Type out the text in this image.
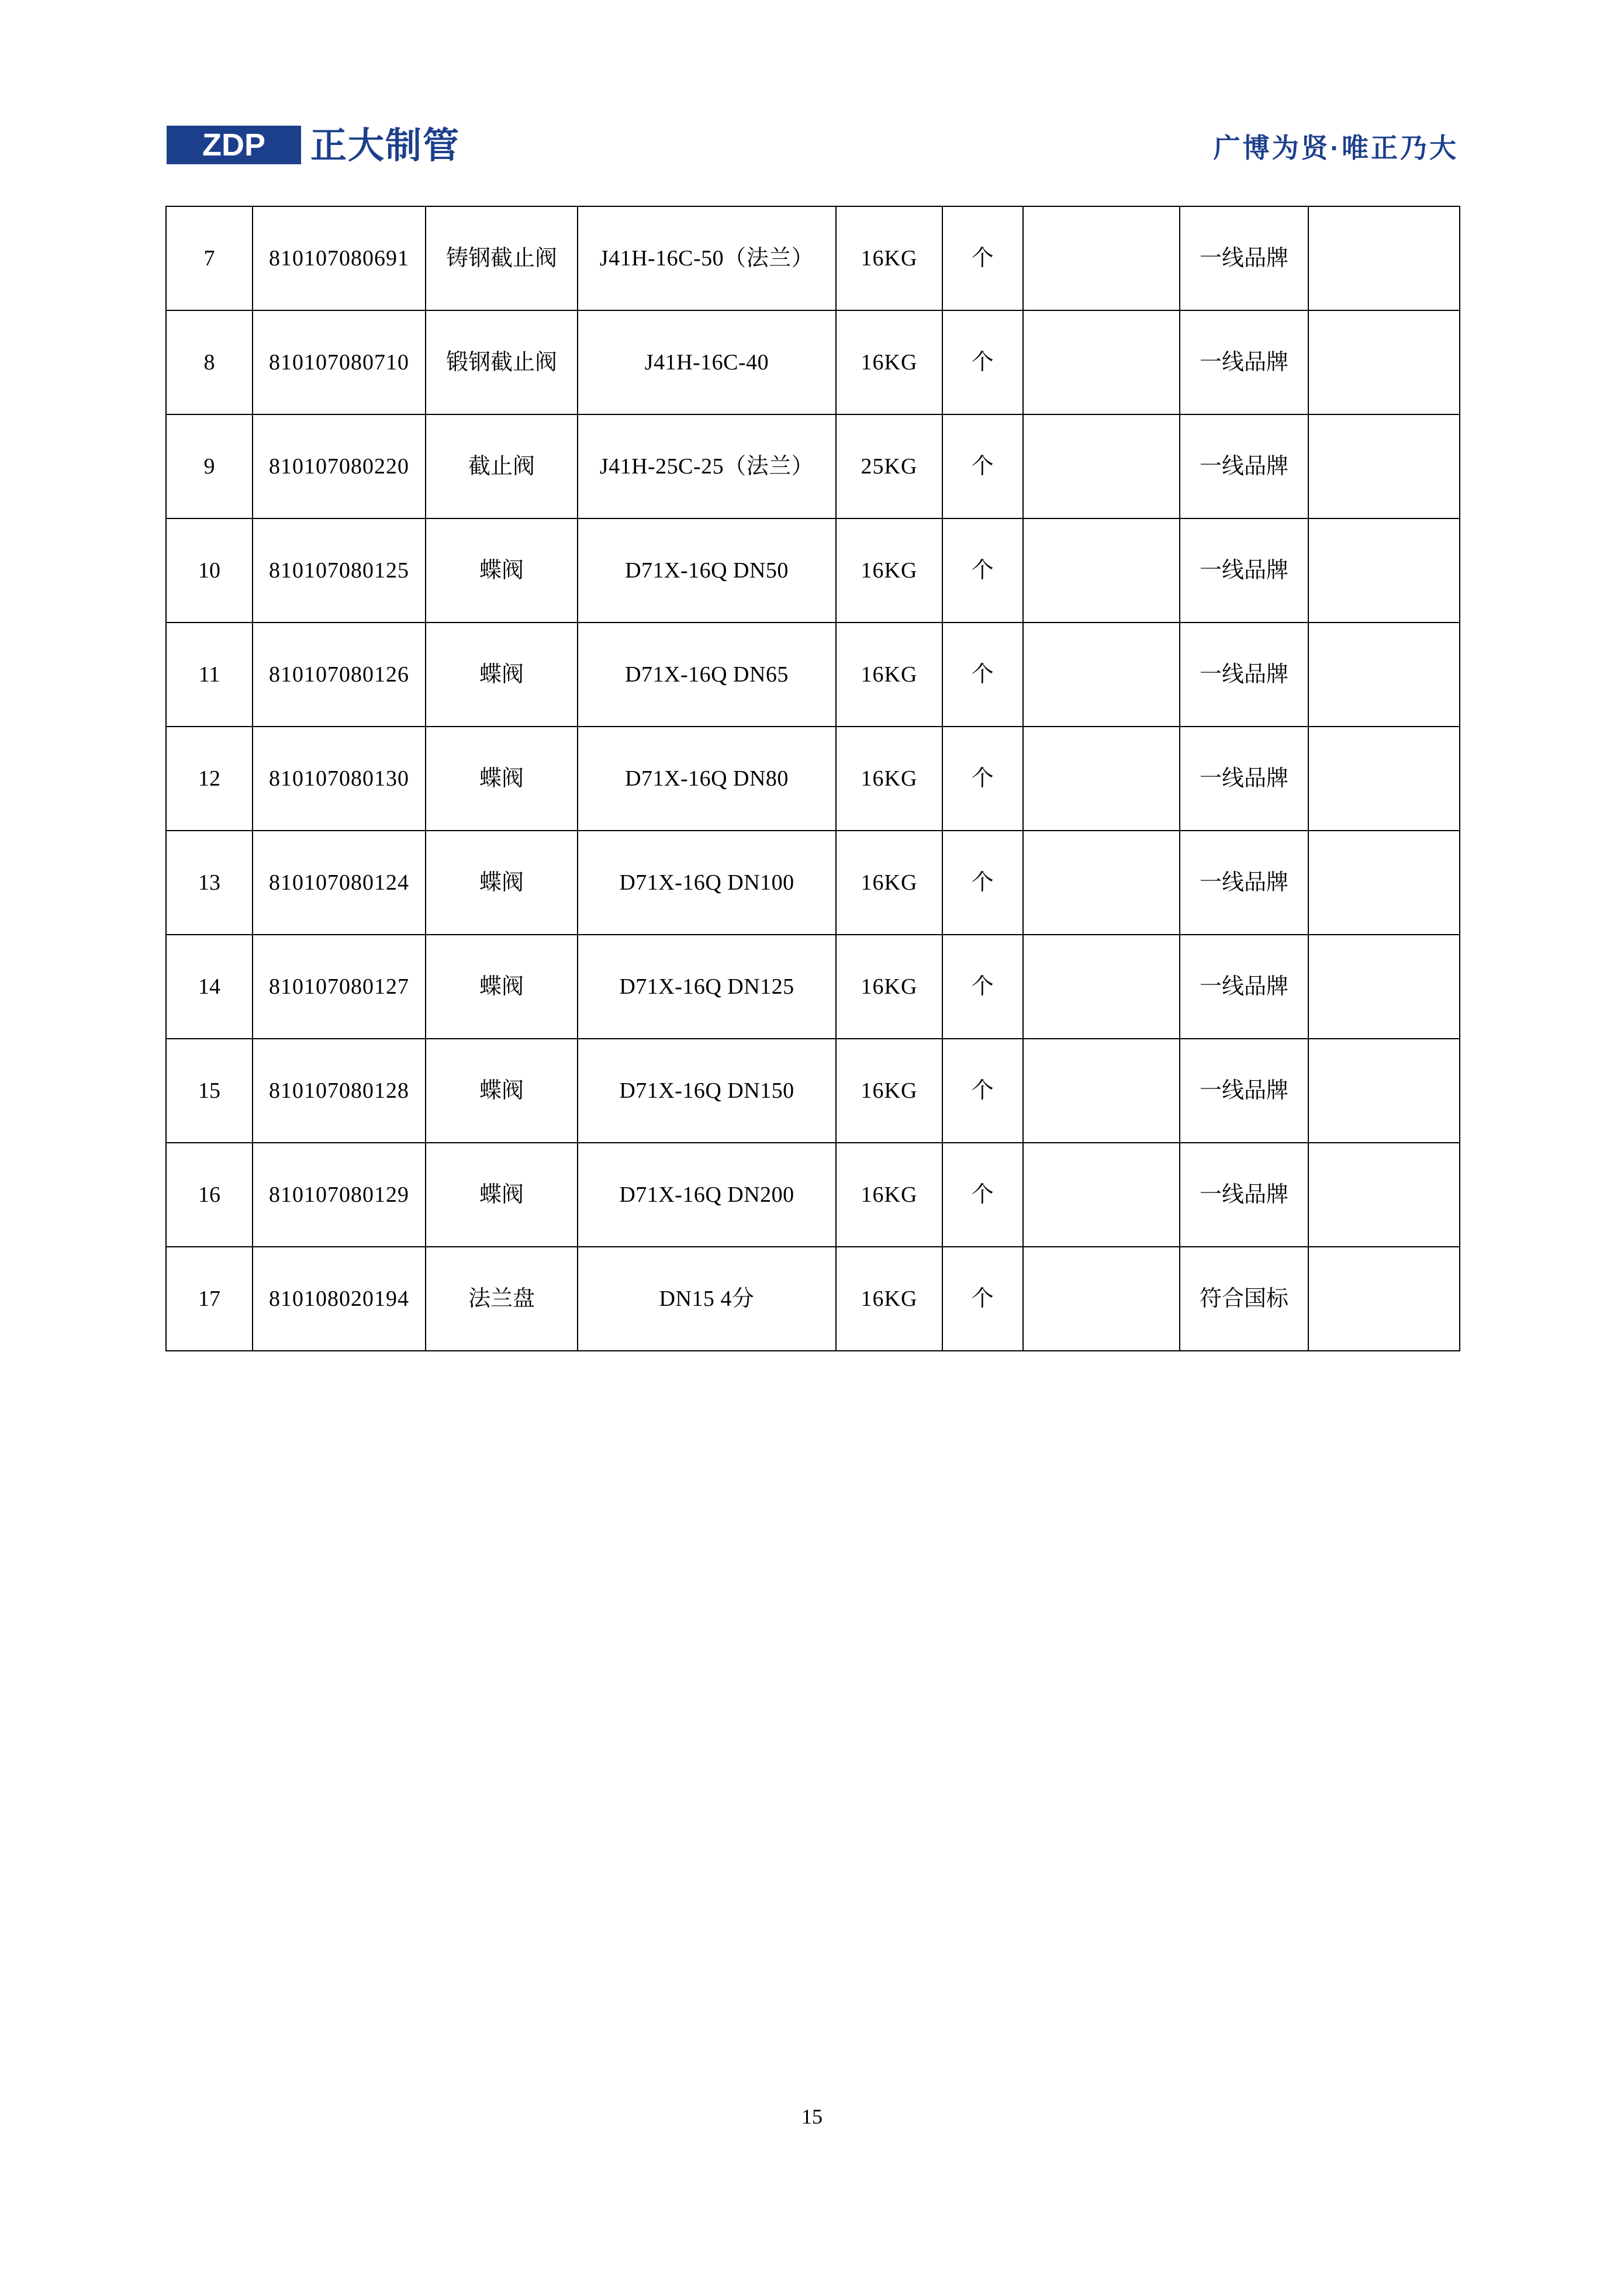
ZDP 正大制管	广博为贤·唯正乃大
7	810107080691	铸钢截止阀	J41H-16C-50（法兰）	16KG	个		一线品牌	
8	810107080710	锻钢截止阀	J41H-16C-40	16KG	个		一线品牌	
9	810107080220	截止阀	J41H-25C-25（法兰）	25KG	个		一线品牌	
10	810107080125	蝶阀	D71X-16Q DN50	16KG	个		一线品牌	
11	810107080126	蝶阀	D71X-16Q DN65	16KG	个		一线品牌	
12	810107080130	蝶阀	D71X-16Q DN80	16KG	个		一线品牌	
13	810107080124	蝶阀	D71X-16Q DN100	16KG	个		一线品牌	
14	810107080127	蝶阀	D71X-16Q DN125	16KG	个		一线品牌	
15	810107080128	蝶阀	D71X-16Q DN150	16KG	个		一线品牌	
16	810107080129	蝶阀	D71X-16Q DN200	16KG	个		一线品牌	
17	810108020194	法兰盘	DN15 4分	16KG	个		符合国标	
15
